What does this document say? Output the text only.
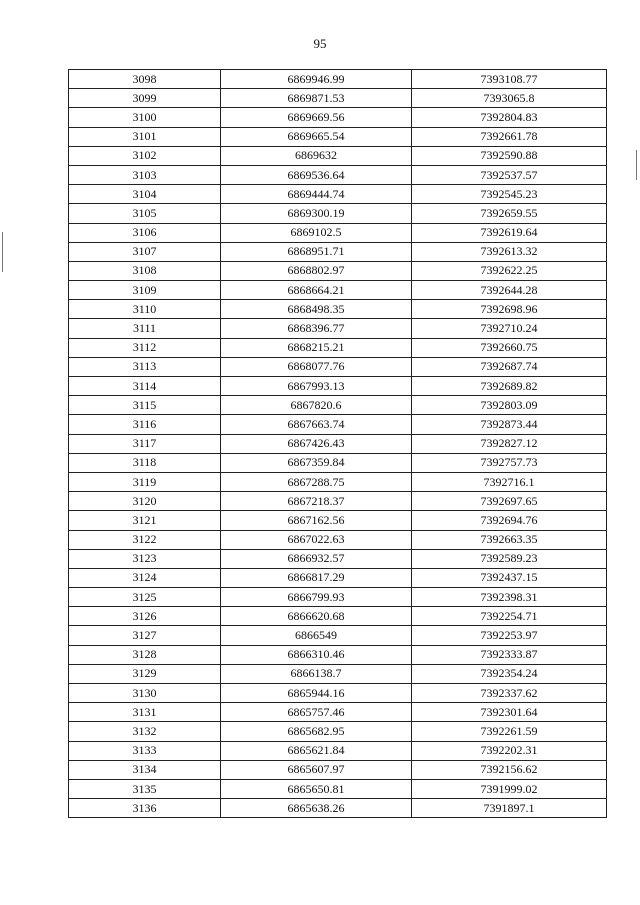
95
3098	6869946.99	7393108.77
3099	6869871.53	7393065.8
3100	6869669.56	7392804.83
3101	6869665.54	7392661.78
3102	6869632	7392590.88
3103	6869536.64	7392537.57
3104	6869444.74	7392545.23
3105	6869300.19	7392659.55
3106	6869102.5	7392619.64
3107	6868951.71	7392613.32
3108	6868802.97	7392622.25
3109	6868664.21	7392644.28
3110	6868498.35	7392698.96
3111	6868396.77	7392710.24
3112	6868215.21	7392660.75
3113	6868077.76	7392687.74
3114	6867993.13	7392689.82
3115	6867820.6	7392803.09
3116	6867663.74	7392873.44
3117	6867426.43	7392827.12
3118	6867359.84	7392757.73
3119	6867288.75	7392716.1
3120	6867218.37	7392697.65
3121	6867162.56	7392694.76
3122	6867022.63	7392663.35
3123	6866932.57	7392589.23
3124	6866817.29	7392437.15
3125	6866799.93	7392398.31
3126	6866620.68	7392254.71
3127	6866549	7392253.97
3128	6866310.46	7392333.87
3129	6866138.7	7392354.24
3130	6865944.16	7392337.62
3131	6865757.46	7392301.64
3132	6865682.95	7392261.59
3133	6865621.84	7392202.31
3134	6865607.97	7392156.62
3135	6865650.81	7391999.02
3136	6865638.26	7391897.1
